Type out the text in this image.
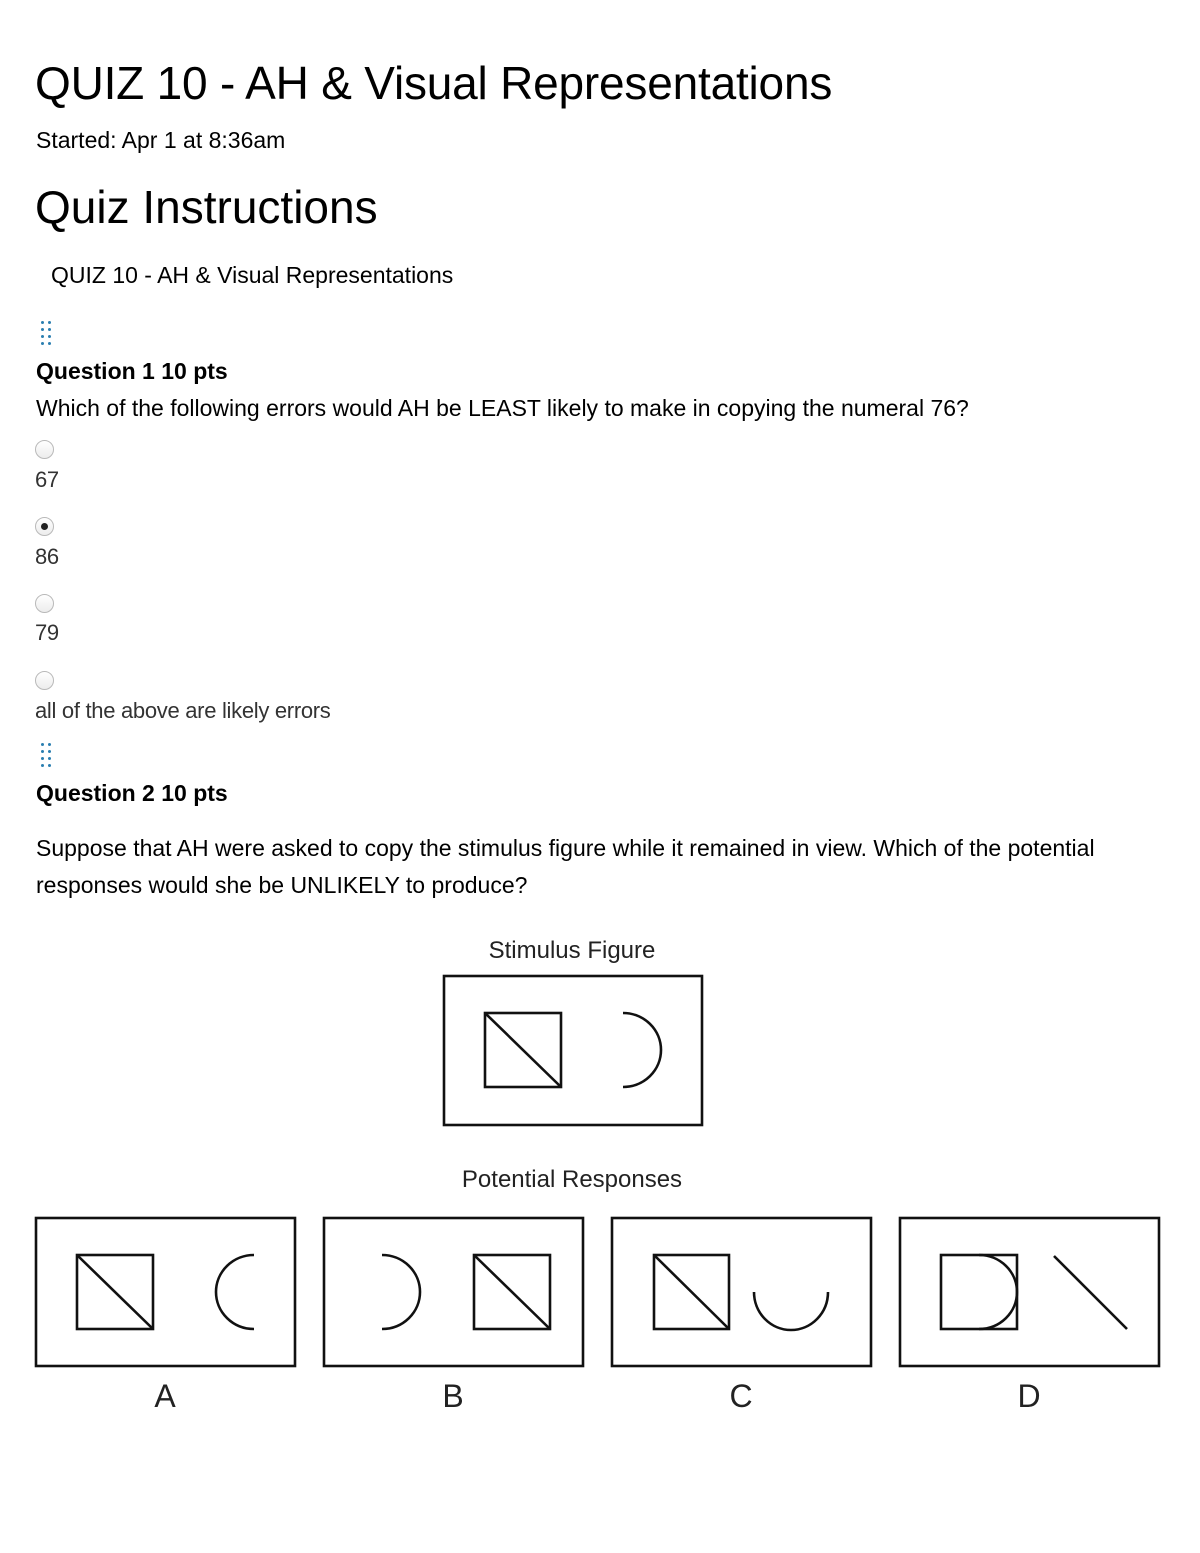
QUIZ 10 - AH & Visual Representations
Started: Apr 1 at 8:36am
Quiz Instructions
QUIZ 10 - AH & Visual Representations
Question 1 10 pts
Which of the following errors would AH be LEAST likely to make in copying the numeral 76?
67
86
79
all of the above are likely errors
Question 2 10 pts
Suppose that AH were asked to copy the stimulus figure while it remained in view. Which of the potential responses would she be UNLIKELY to produce?
Stimulus Figure
Potential Responses
A	B	C	D
